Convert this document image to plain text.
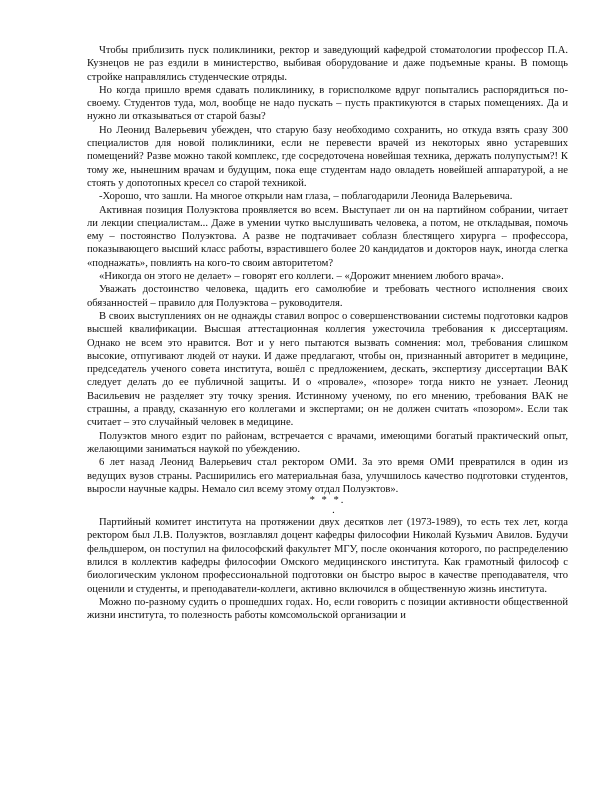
Чтобы приблизить пуск поликлиники, ректор и заведующий кафедрой стоматологии профессор П.А. Кузнецов не раз ездили в министерство, выбивая оборудование и даже подъемные краны. В помощь стройке направлялись студенческие отряды.

Но когда пришло время сдавать поликлинику, в горисполкоме вдруг попытались распорядиться по-своему. Студентов туда, мол, вообще не надо пускать – пусть практикуются в старых помещениях. Да и нужно ли отказываться от старой базы?

Но Леонид Валерьевич убежден, что старую базу необходимо сохранить, но откуда взять сразу 300 специалистов для новой поликлиники, если не перевести врачей из некоторых явно устаревших помещений? Разве можно такой комплекс, где сосредоточена новейшая техника, держать полупустым?! К тому же, нынешним врачам и будущим, пока еще студентам надо овладеть новейшей аппаратурой, а не стоять у допотопных кресел со старой техникой.

-Хорошо, что зашли. На многое открыли нам глаза, – поблагодарили Леонида Валерьевича.

Активная позиция Полуэктова проявляется во всем. Выступает ли он на партийном собрании, читает ли лекции специалистам... Даже в умении чутко выслушивать человека, а потом, не откладывая, помочь ему – постоянство Полуэктова. А разве не подтачивает соблазн блестящего хирурга – профессора, показывающего высший класс работы, взрастившего более 20 кандидатов и докторов наук, иногда слегка «поднажать», повлиять на кого-то своим авторитетом?

«Никогда он этого не делает» – говорят его коллеги. – «Дорожит мнением любого врача».

Уважать достоинство человека, щадить его самолюбие и требовать честного исполнения своих обязанностей – правило для Полуэктова – руководителя.

В своих выступлениях он не однажды ставил вопрос о совершенствовании системы подготовки кадров высшей квалификации. Высшая аттестационная коллегия ужесточила требования к диссертациям. Однако не всем это нравится. Вот и у него пытаются вызвать сомнения: мол, требования слишком высокие, отпугивают людей от науки. И даже предлагают, чтобы он, признанный авторитет в медицине, председатель ученого совета института, вошёл с предложением, дескать, экспертизу диссертации ВАК следует делать до ее публичной защиты. И о «провале», «позоре» тогда никто не узнает. Леонид Васильевич не разделяет эту точку зрения. Истинному ученому, по его мнению, требования ВАК не страшны, а правду, сказанную его коллегами и экспертами; он не должен считать «позором». Если так считает – это случайный человек в медицине.

Полуэктов много ездит по районам, встречается с врачами, имеющими богатый практический опыт, желающими заниматься наукой по убеждению.

6 лет назад Леонид Валерьевич стал ректором ОМИ. За это время ОМИ превратился в один из ведущих вузов страны. Расширились его материальная база, улучшилось качество подготовки студентов, выросли научные кадры. Немало сил всему этому отдал Полуэктов».

* * *.

.

Партийный комитет института на протяжении двух десятков лет (1973-1989), то есть тех лет, когда ректором был Л.В. Полуэктов, возглавлял доцент кафедры философии Николай Кузьмич Авилов. Будучи фельдшером, он поступил на философский факультет МГУ, после окончания которого, по распределению влился в коллектив кафедры философии Омского медицинского института. Как грамотный философ с биологическим уклоном профессиональной подготовки он быстро вырос в качестве преподавателя, что оценили и студенты, и преподаватели-коллеги, активно включился в общественную жизнь института.

Можно по-разному судить о прошедших годах. Но, если говорить с позиции активности общественной жизни института, то полезность работы комсомольской организации и
